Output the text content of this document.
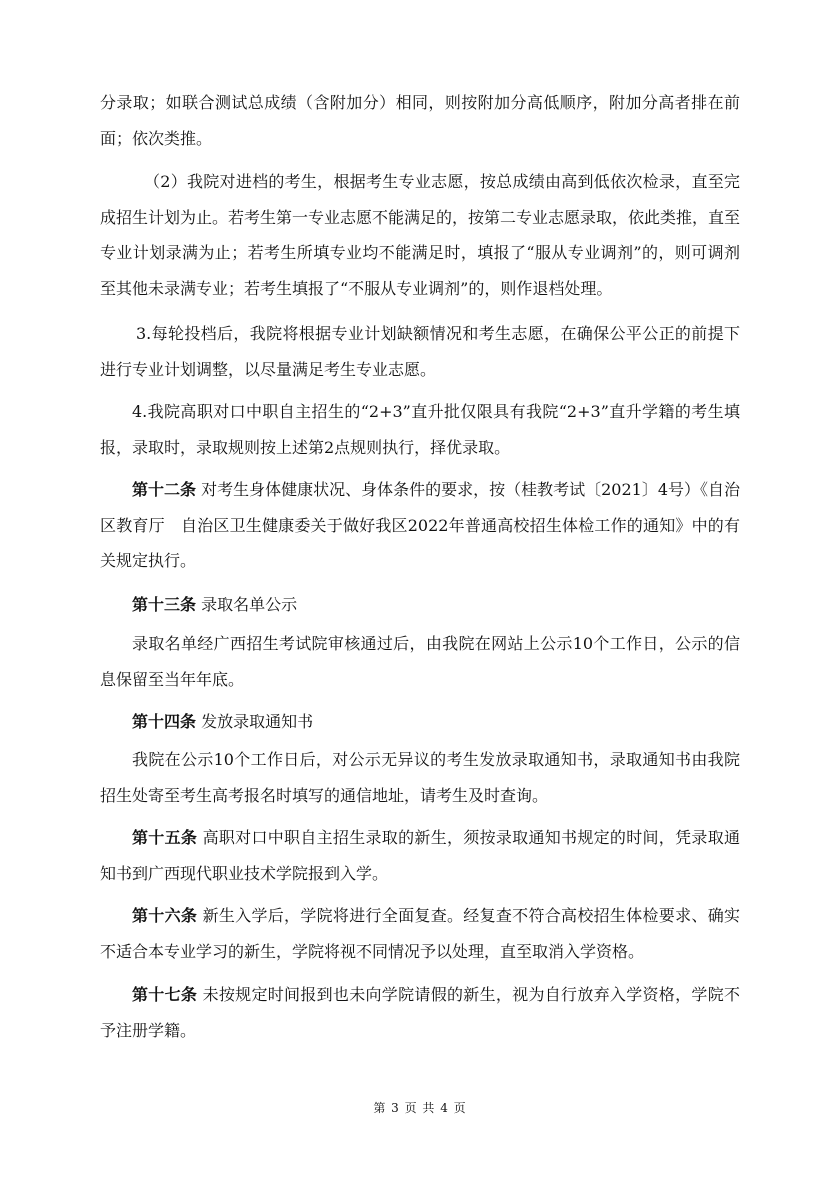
分录取；如联合测试总成绩（含附加分）相同，则按附加分高低顺序，附加分高者排在前面；依次类推。

（2）我院对进档的考生，根据考生专业志愿，按总成绩由高到低依次检录，直至完成招生计划为止。若考生第一专业志愿不能满足的，按第二专业志愿录取，依此类推，直至专业计划录满为止；若考生所填专业均不能满足时，填报了“服从专业调剂”的，则可调剂至其他未录满专业；若考生填报了“不服从专业调剂”的，则作退档处理。

3.每轮投档后，我院将根据专业计划缺额情况和考生志愿，在确保公平公正的前提下进行专业计划调整，以尽量满足考生专业志愿。

4.我院高职对口中职自主招生的“2+3”直升批仅限具有我院“2+3”直升学籍的考生填报，录取时，录取规则按上述第2点规则执行，择优录取。

第十二条 对考生身体健康状况、身体条件的要求，按（桂教考试〔2021〕4号）《自治区教育厅　自治区卫生健康委关于做好我区2022年普通高校招生体检工作的通知》中的有关规定执行。

第十三条 录取名单公示

录取名单经广西招生考试院审核通过后，由我院在网站上公示10个工作日，公示的信息保留至当年年底。

第十四条 发放录取通知书

我院在公示10个工作日后，对公示无异议的考生发放录取通知书，录取通知书由我院招生处寄至考生高考报名时填写的通信地址，请考生及时查询。

第十五条 高职对口中职自主招生录取的新生，须按录取通知书规定的时间，凭录取通知书到广西现代职业技术学院报到入学。

第十六条 新生入学后，学院将进行全面复查。经复查不符合高校招生体检要求、确实不适合本专业学习的新生，学院将视不同情况予以处理，直至取消入学资格。

第十七条 未按规定时间报到也未向学院请假的新生，视为自行放弃入学资格，学院不予注册学籍。

第 3 页 共 4 页
